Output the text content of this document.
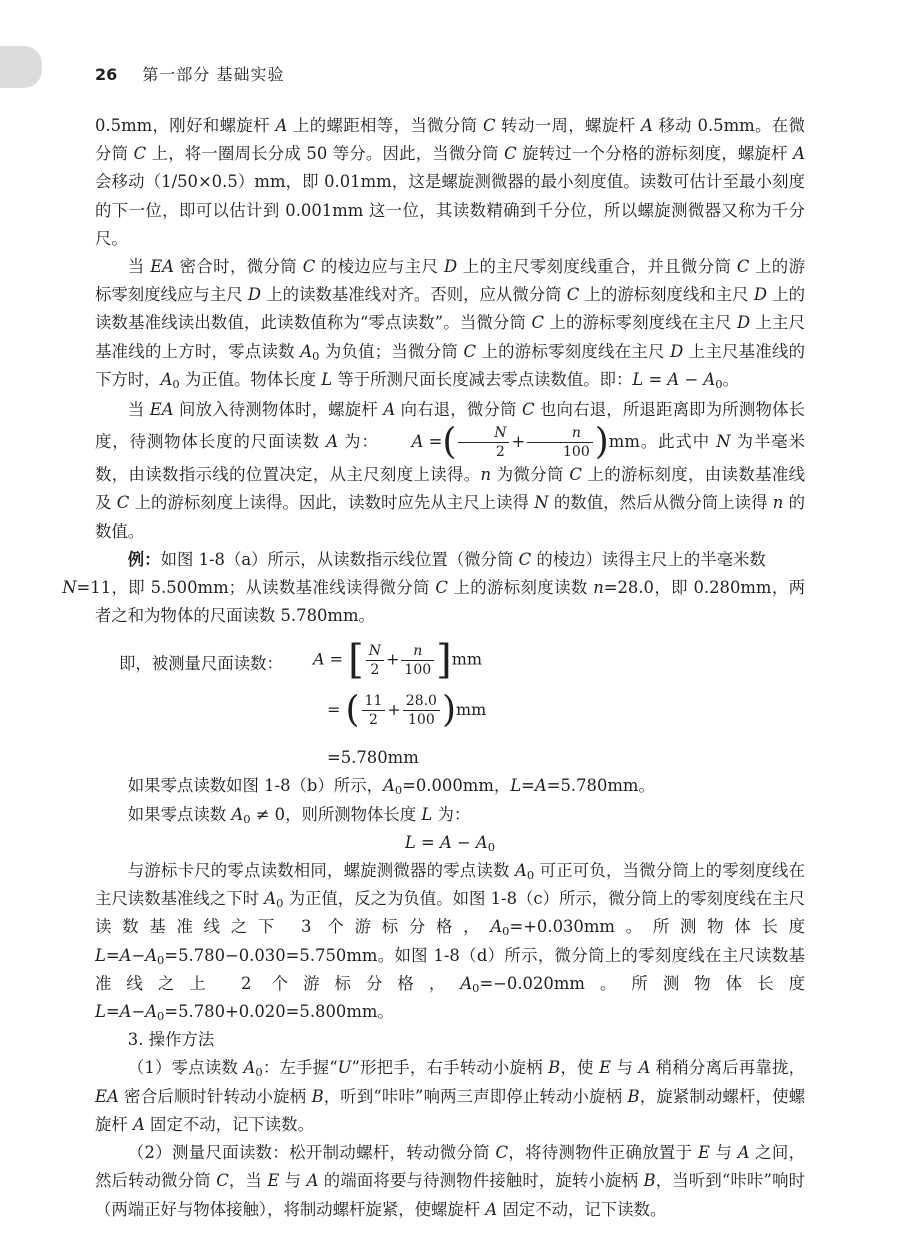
26 第一部分 基础实验

0.5mm，刚好和螺旋杆 A 上的螺距相等，当微分筒 C 转动一周，螺旋杆 A 移动 0.5mm。在微分筒 C 上，将一圈周长分成 50 等分。因此，当微分筒 C 旋转过一个分格的游标刻度，螺旋杆 A 会移动（1/50×0.5）mm，即 0.01mm，这是螺旋测微器的最小刻度值。读数可估计至最小刻度的下一位，即可以估计到 0.001mm 这一位，其读数精确到千分位，所以螺旋测微器又称为千分尺。

当 EA 密合时，微分筒 C 的棱边应与主尺 D 上的主尺零刻度线重合，并且微分筒 C 上的游标零刻度线应与主尺 D 上的读数基准线对齐。否则，应从微分筒 C 上的游标刻度线和主尺 D 上的读数基准线读出数值，此读数值称为“零点读数”。当微分筒 C 上的游标零刻度线在主尺 D 上主尺基准线的上方时，零点读数 $A_0$ 为负值；当微分筒 C 上的游标零刻度线在主尺 D 上主尺基准线的下方时，$A_0$ 为正值。物体长度 L 等于所测尺面长度减去零点读数值。即：$L = A - A_0$。

当 EA 间放入待测物体时，螺旋杆 A 向右退，微分筒 C 也向右退，所退距离即为所测物体长度，待测物体长度的尺面读数 A 为： A =( $\frac{N}{2} + \frac{n}{100} )mm$。此式中 N 为半毫米数，由读数指示线的位置决定，从主尺刻度上读得。n 为微分筒 C 上的游标刻度，由读数基准线及 C 上的游标刻度上读得。因此，读数时应先从主尺上读得 N 的数值，然后从微分筒上读得 n 的数值。

例：如图 1-8（a）所示，从读数指示线位置（微分筒 C 的棱边）读得主尺上的半毫米数
N=11，即 5.500mm；从读数基准线读得微分筒 C 上的游标刻度读数 n=28.0，即 0.280mm，两者之和为物体的尺面读数 5.780mm。

即，被测量尺面读数： A = [ $\frac{N}{2} + \frac{n}{100} ]mm$
= ( $\frac{11}{2} + \frac{28.0}{100} )mm$
=5.780mm

如果零点读数如图 1-8（b）所示，$A_0=0.000mm$，L=A=5.780mm。

如果零点读数 $A_0 \ne 0$，则所测物体长度 L 为：

$L = A - A_0$

与游标卡尺的零点读数相同，螺旋测微器的零点读数 $A_0$ 可正可负，当微分筒上的零刻度线在主尺读数基准线之下时 $A_0$ 为正值，反之为负值。如图 1-8（c）所示，微分筒上的零刻度线在主尺读数基准线之下 3 个游标分格，$A_0=+0.030mm$。所测物体长度 $L=A-A_0=5.780-0.030=5.750mm$。如图 1-8（d）所示，微分筒上的零刻度线在主尺读数基准线之上 2 个游标分格，$A_0=-0.020mm$。所测物体长度 $L=A-A_0=5.780+0.020=5.800mm$。

3. 操作方法

（1）零点读数 $A_0$：左手握“U”形把手，右手转动小旋柄 B，使 E 与 A 稍稍分离后再靠拢，EA 密合后顺时针转动小旋柄 B，听到“咔咔”响两三声即停止转动小旋柄 B，旋紧制动螺杆，使螺旋杆 A 固定不动，记下读数。

（2）测量尺面读数：松开制动螺杆，转动微分筒 C，将待测物件正确放置于 E 与 A 之间，然后转动微分筒 C，当 E 与 A 的端面将要与待测物件接触时，旋转小旋柄 B，当听到“咔咔”响时（两端正好与物体接触），将制动螺杆旋紧，使螺旋杆 A 固定不动，记下读数。
